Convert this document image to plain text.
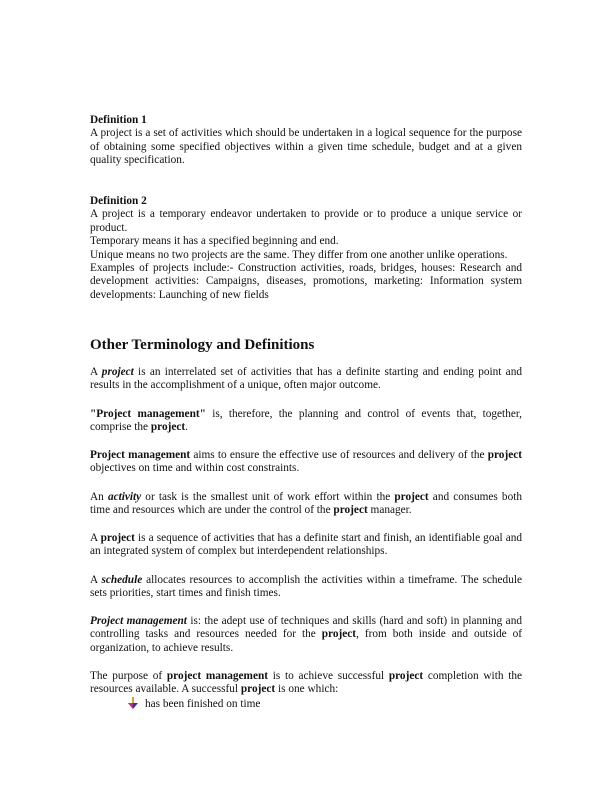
Definition 1
A project is a set of activities which should be undertaken in a logical sequence for the purpose of obtaining some specified objectives within a given time schedule, budget and at a given quality specification.
Definition 2
A project is a temporary endeavor undertaken to provide or to produce a unique service or product.
Temporary means it has a specified beginning and end.
Unique means no two projects are the same. They differ from one another unlike operations.
Examples of projects include:- Construction activities, roads, bridges, houses: Research and development activities: Campaigns, diseases, promotions, marketing: Information system developments: Launching of new fields
Other Terminology and Definitions
A project is an interrelated set of activities that has a definite starting and ending point and results in the accomplishment of a unique, often major outcome.
"Project management" is, therefore, the planning and control of events that, together, comprise the project.
Project management aims to ensure the effective use of resources and delivery of the project objectives on time and within cost constraints.
An activity or task is the smallest unit of work effort within the project and consumes both time and resources which are under the control of the project manager.
A project is a sequence of activities that has a definite start and finish, an identifiable goal and an integrated system of complex but interdependent relationships.
A schedule allocates resources to accomplish the activities within a timeframe. The schedule sets priorities, start times and finish times.
Project management is: the adept use of techniques and skills (hard and soft) in planning and controlling tasks and resources needed for the project, from both inside and outside of organization, to achieve results.
The purpose of project management is to achieve successful project completion with the resources available. A successful project is one which:
has been finished on time
